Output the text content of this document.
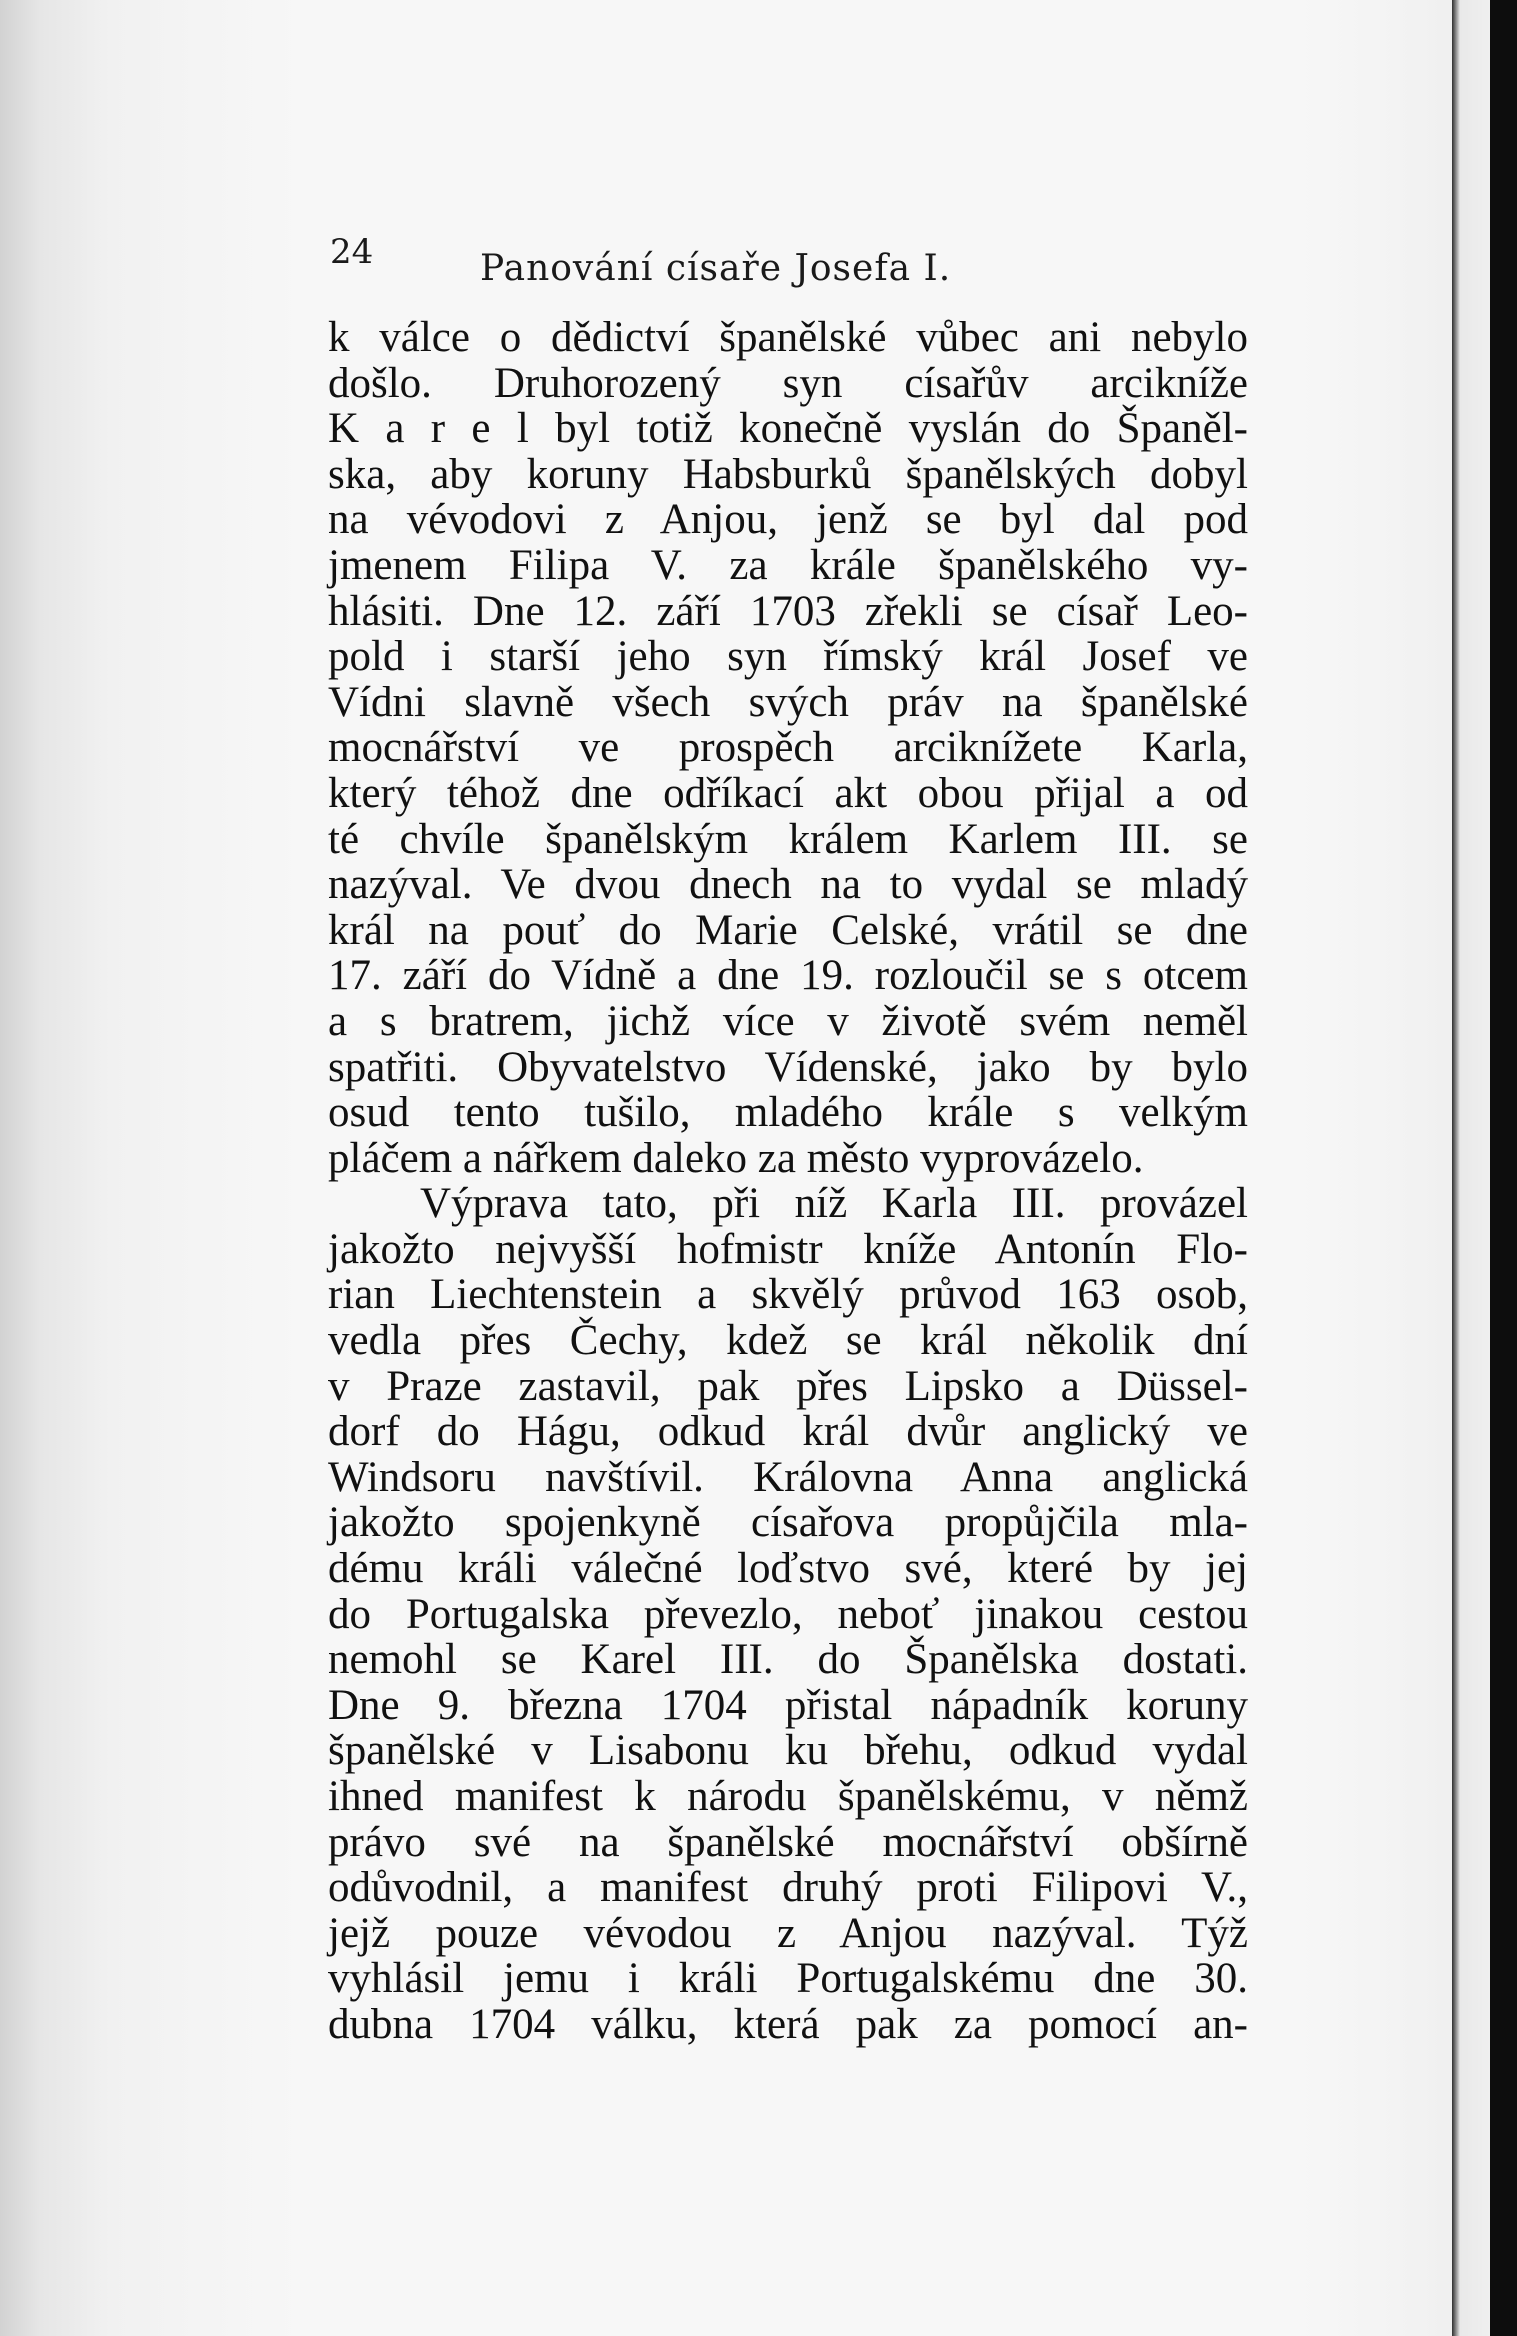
24	Panování císaře Josefa I.

k válce o dědictví španělské vůbec ani nebylo
došlo. Druhorozený syn císařův arcikníže
K a r e l byl totiž konečně vyslán do Španěl-
ska, aby koruny Habsburků španělských dobyl
na vévodovi z Anjou, jenž se byl dal pod
jmenem Filipa V. za krále španělského vy-
hlásiti. Dne 12. září 1703 zřekli se císař Leo-
pold i starší jeho syn římský král Josef ve
Vídni slavně všech svých práv na španělské
mocnářství ve prospěch arciknížete Karla,
který téhož dne odříkací akt obou přijal a od
té chvíle španělským králem Karlem III. se
nazýval. Ve dvou dnech na to vydal se mladý
král na pouť do Marie Celské, vrátil se dne
17. září do Vídně a dne 19. rozloučil se s otcem
a s bratrem, jichž více v životě svém neměl
spatřiti. Obyvatelstvo Vídenské, jako by bylo
osud tento tušilo, mladého krále s velkým
pláčem a nářkem daleko za město vyprovázelo.
Výprava tato, při níž Karla III. provázel
jakožto nejvyšší hofmistr kníže Antonín Flo-
rian Liechtenstein a skvělý průvod 163 osob,
vedla přes Čechy, kdež se král několik dní
v Praze zastavil, pak přes Lipsko a Düssel-
dorf do Hágu, odkud král dvůr anglický ve
Windsoru navštívil. Královna Anna anglická
jakožto spojenkyně císařova propůjčila mla-
dému králi válečné loďstvo své, které by jej
do Portugalska převezlo, neboť jinakou cestou
nemohl se Karel III. do Španělska dostati.
Dne 9. března 1704 přistal nápadník koruny
španělské v Lisabonu ku břehu, odkud vydal
ihned manifest k národu španělskému, v němž
právo své na španělské mocnářství obšírně
odůvodnil, a manifest druhý proti Filipovi V.,
jejž pouze vévodou z Anjou nazýval. Týž
vyhlásil jemu i králi Portugalskému dne 30.
dubna 1704 válku, která pak za pomocí an-
